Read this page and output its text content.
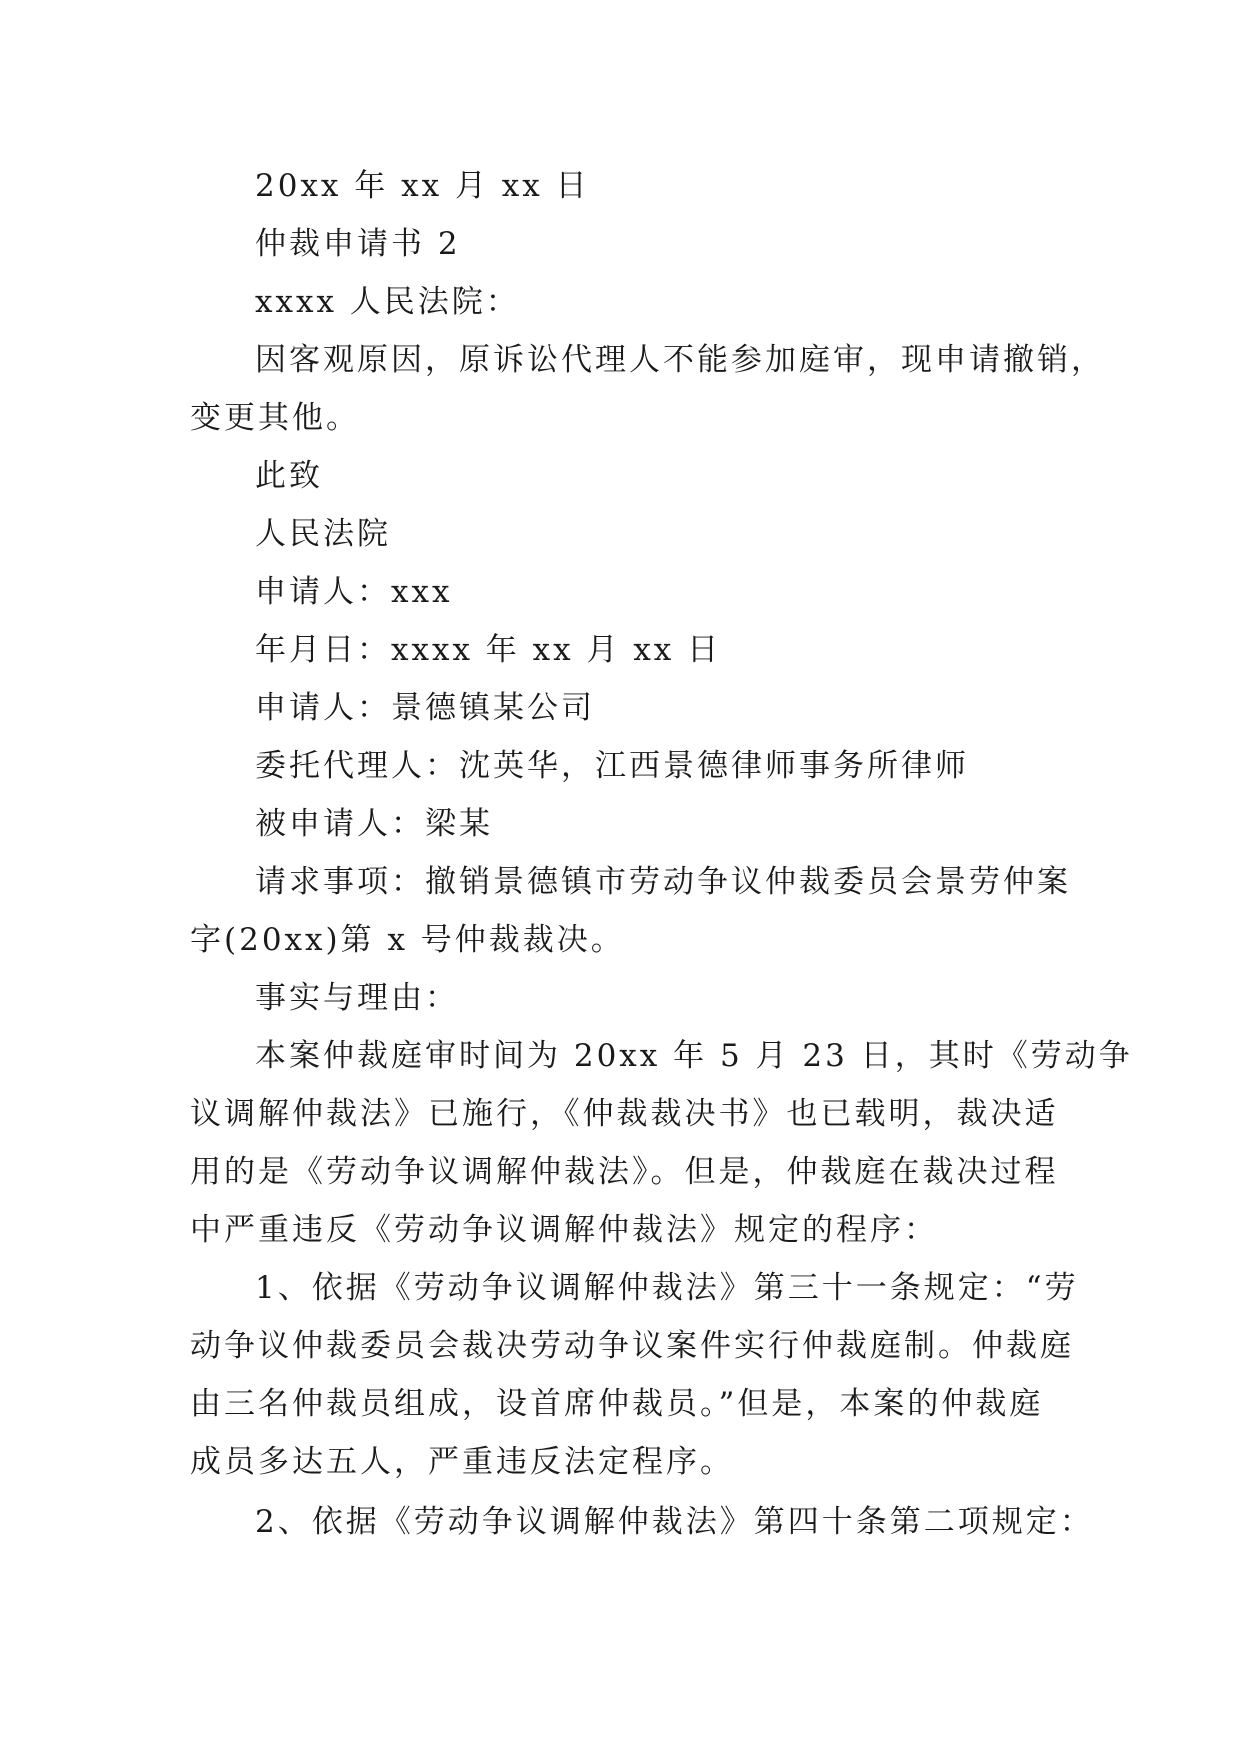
20xx 年 xx 月 xx 日
仲裁申请书 2
xxxx 人民法院：
因客观原因，原诉讼代理人不能参加庭审，现申请撤销，
变更其他。
此致
人民法院
申请人：xxx
年月日：xxxx 年 xx 月 xx 日
申请人：景德镇某公司
委托代理人：沈英华，江西景德律师事务所律师
被申请人：梁某
请求事项：撤销景德镇市劳动争议仲裁委员会景劳仲案
字(20xx)第 x 号仲裁裁决。
事实与理由：
本案仲裁庭审时间为 20xx 年 5 月 23 日，其时《劳动争
议调解仲裁法》已施行，《仲裁裁决书》也已载明，裁决适
用的是《劳动争议调解仲裁法》。但是，仲裁庭在裁决过程
中严重违反《劳动争议调解仲裁法》规定的程序：
1、依据《劳动争议调解仲裁法》第三十一条规定：“劳
动争议仲裁委员会裁决劳动争议案件实行仲裁庭制。仲裁庭
由三名仲裁员组成，设首席仲裁员。”但是，本案的仲裁庭
成员多达五人，严重违反法定程序。
2、依据《劳动争议调解仲裁法》第四十条第二项规定：
